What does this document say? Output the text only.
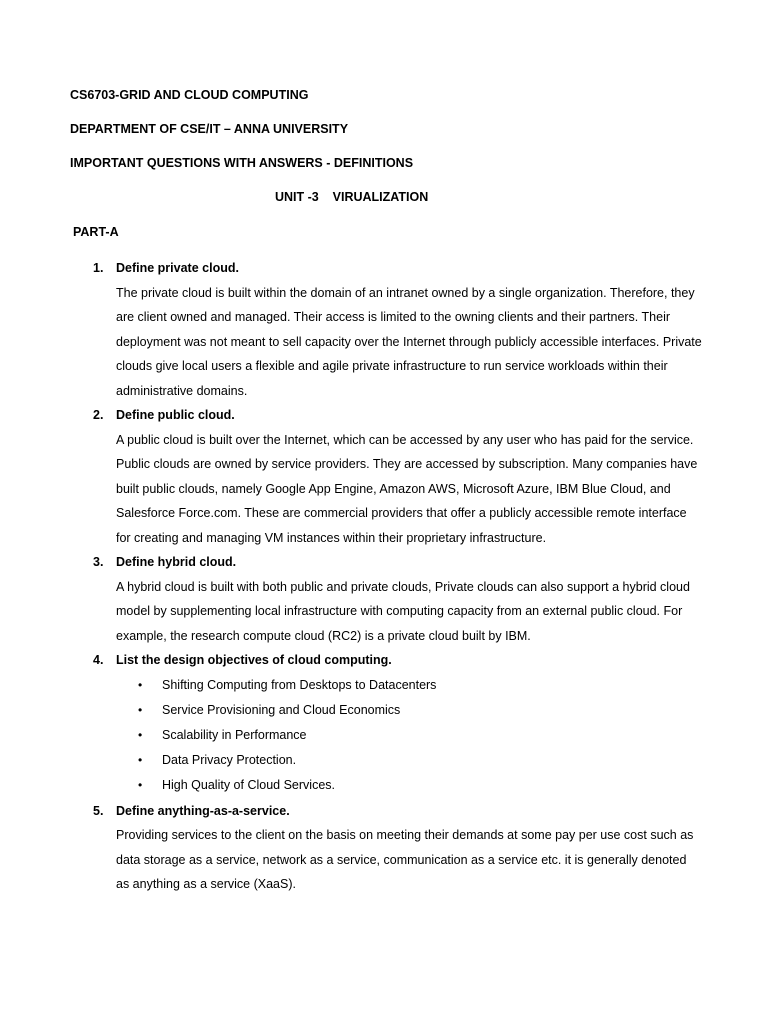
CS6703-GRID AND CLOUD COMPUTING
DEPARTMENT OF CSE/IT – ANNA UNIVERSITY
IMPORTANT QUESTIONS WITH ANSWERS - DEFINITIONS
UNIT -3    VIRUALIZATION
PART-A
1. Define private cloud.

The private cloud is built within the domain of an intranet owned by a single organization. Therefore, they are client owned and managed. Their access is limited to the owning clients and their partners. Their deployment was not meant to sell capacity over the Internet through publicly accessible interfaces. Private clouds give local users a flexible and agile private infrastructure to run service workloads within their administrative domains.

2. Define public cloud.

A public cloud is built over the Internet, which can be accessed by any user who has paid for the service. Public clouds are owned by service providers. They are accessed by subscription. Many companies have built public clouds, namely Google App Engine, Amazon AWS, Microsoft Azure, IBM Blue Cloud, and Salesforce Force.com. These are commercial providers that offer a publicly accessible remote interface for creating and managing VM instances within their proprietary infrastructure.

3. Define hybrid cloud.

A hybrid cloud is built with both public and private clouds, Private clouds can also support a hybrid cloud model by supplementing local infrastructure with computing capacity from an external public cloud. For example, the research compute cloud (RC2) is a private cloud built by IBM.

4. List the design objectives of cloud computing.
• Shifting Computing from Desktops to Datacenters
• Service Provisioning and Cloud Economics
• Scalability in Performance
• Data Privacy Protection.
• High Quality of Cloud Services.
5. Define anything-as-a-service.

Providing services to the client on the basis on meeting their demands at some pay per use cost such as data storage as a service, network as a service, communication as a service etc. it is generally denoted as anything as a service (XaaS).
